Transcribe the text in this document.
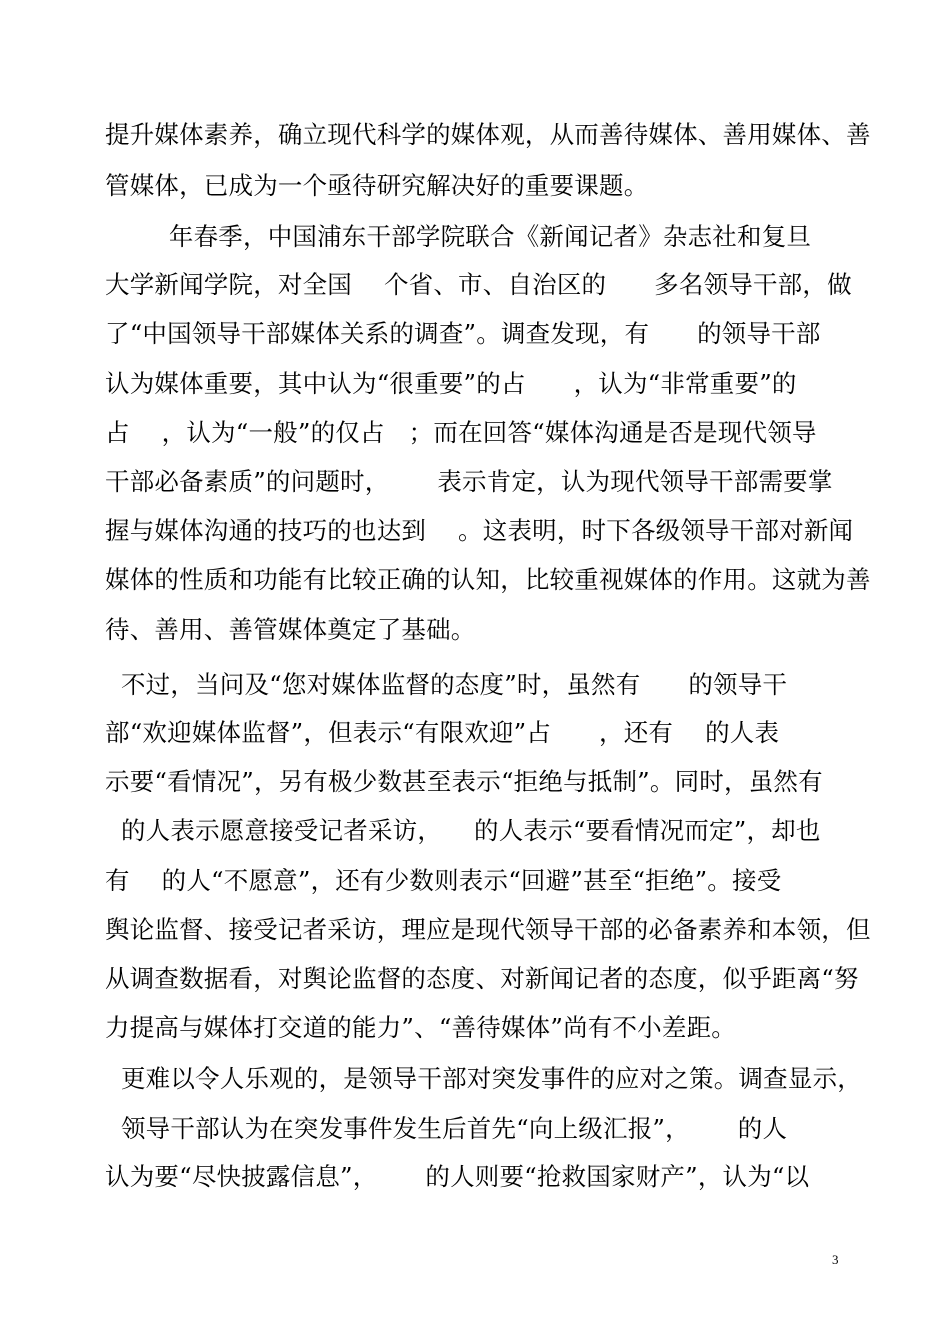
提升媒体素养，确立现代科学的媒体观，从而善待媒体、善用媒体、善
管媒体，已成为一个亟待研究解决好的重要课题。
年春季，中国浦东干部学院联合《新闻记者》杂志社和复旦
大学新闻学院，对全国    个省、市、自治区的      多名领导干部，做
了“中国领导干部媒体关系的调查”。调查发现，有      的领导干部
认为媒体重要，其中认为“很重要”的占      ，认为“非常重要”的
占    ，认为“一般”的仅占   ；而在回答“媒体沟通是否是现代领导
干部必备素质”的问题时，      表示肯定，认为现代领导干部需要掌
握与媒体沟通的技巧的也达到    。这表明，时下各级领导干部对新闻
媒体的性质和功能有比较正确的认知，比较重视媒体的作用。这就为善
待、善用、善管媒体奠定了基础。
不过，当问及“您对媒体监督的态度”时，虽然有      的领导干
部“欢迎媒体监督”，但表示“有限欢迎”占      ，还有    的人表
示要“看情况”，另有极少数甚至表示“拒绝与抵制”。同时，虽然有
的人表示愿意接受记者采访，    的人表示“要看情况而定”，却也
有    的人“不愿意”，还有少数则表示“回避”甚至“拒绝”。接受
舆论监督、接受记者采访，理应是现代领导干部的必备素养和本领，但
从调查数据看，对舆论监督的态度、对新闻记者的态度，似乎距离“努
力提高与媒体打交道的能力”、“善待媒体”尚有不小差距。
更难以令人乐观的，是领导干部对突发事件的应对之策。调查显示，
领导干部认为在突发事件发生后首先“向上级汇报”，      的人
认为要“尽快披露信息”，      的人则要“抢救国家财产”，认为“以
3
